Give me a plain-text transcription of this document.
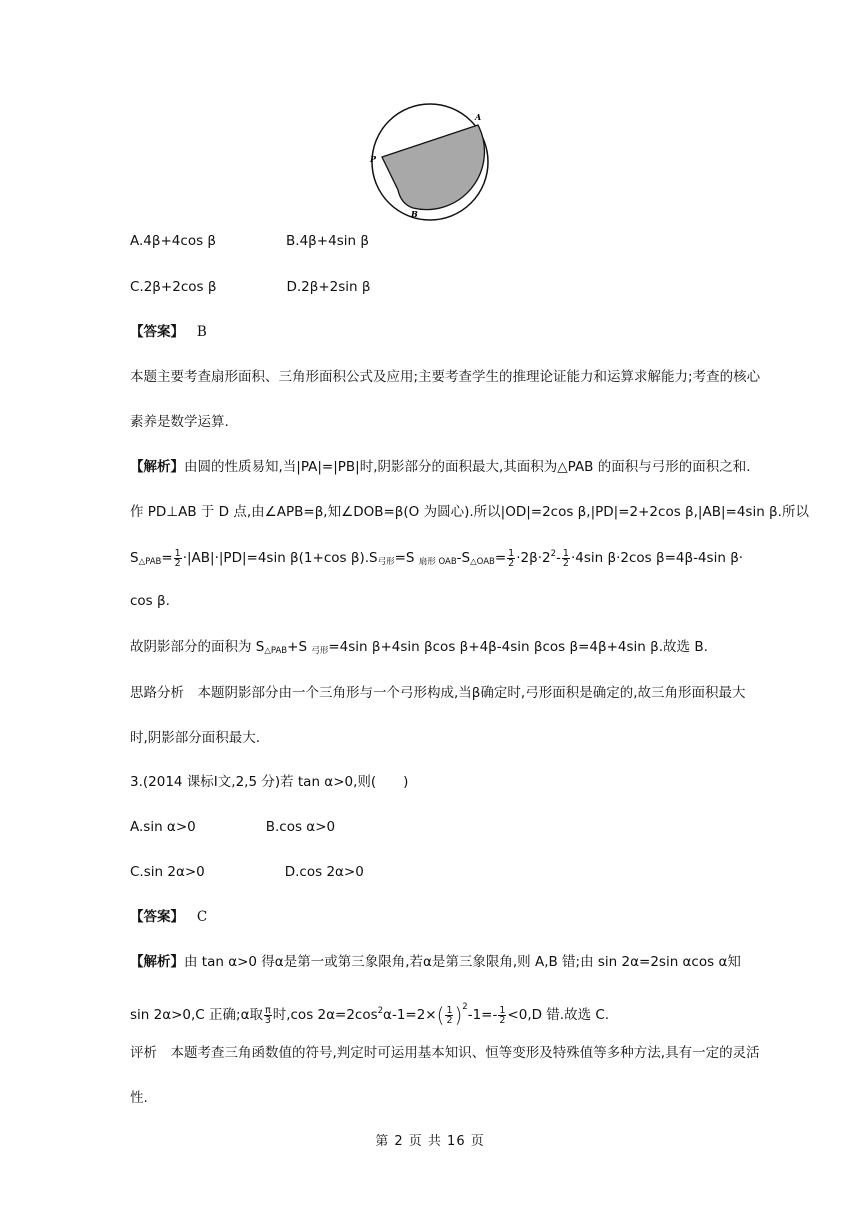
A
P
B
A.4β+4cos β	B.4β+4sin β
C.2β+2cos β	D.2β+2sin β
【答案】 B
本题主要考查扇形面积、三角形面积公式及应用;主要考查学生的推理论证能力和运算求解能力;考查的核心
素养是数学运算.
【解析】由圆的性质易知,当|PA|=|PB|时,阴影部分的面积最大,其面积为△PAB 的面积与弓形的面积之和.
作 PD⊥AB 于 D 点,由∠APB=β,知∠DOB=β(O 为圆心).所以|OD|=2cos β,|PD|=2+2cos β,|AB|=4sin β.所以
$S_{\triangle PAB}= \frac{1}{2} \cdot|AB|\cdot|PD|=4\sin$ β(1+cos $\beta).S_{弓形}=S$ $_{扇形 OAB}-S_{\triangle OAB}= \frac{1}{2} \cdot 2\beta\cdot 2^2- \frac{1}{2} \cdot 4\sin$ β·2cos β=4β-4sin β·
cos β.
故阴影部分的面积为 $S_{\triangle PAB}+S$ $_{弓形}$=4sin β+4sin βcos β+4β-4sin βcos β=4β+4sin β.故选 B.
思路分析　本题阴影部分由一个三角形与一个弓形构成,当β确定时,弓形面积是确定的,故三角形面积最大
时,阴影部分面积最大.
3.(2014 课标Ⅰ文,2,5 分)若 tan α>0,则(　　)
A.sin α>0	B.cos α>0
C.sin 2α>0	D.cos 2α>0
【答案】 C
【解析】由 tan α>0 得α是第一或第三象限角,若α是第三象限角,则 A,B 错;由 sin 2α=2sin αcos α知
sin 2α>0,C 正确;α取 $\frac{\pi}{3}$ 时,cos $2\alpha=2\cos^2\alpha-1=2\times( \frac{1}{2} )^2-1=- \frac{1}{2} <0,D$ 错.故选 C.
评析　本题考查三角函数值的符号,判定时可运用基本知识、恒等变形及特殊值等多种方法,具有一定的灵活
性.
第 2 页 共 16 页
